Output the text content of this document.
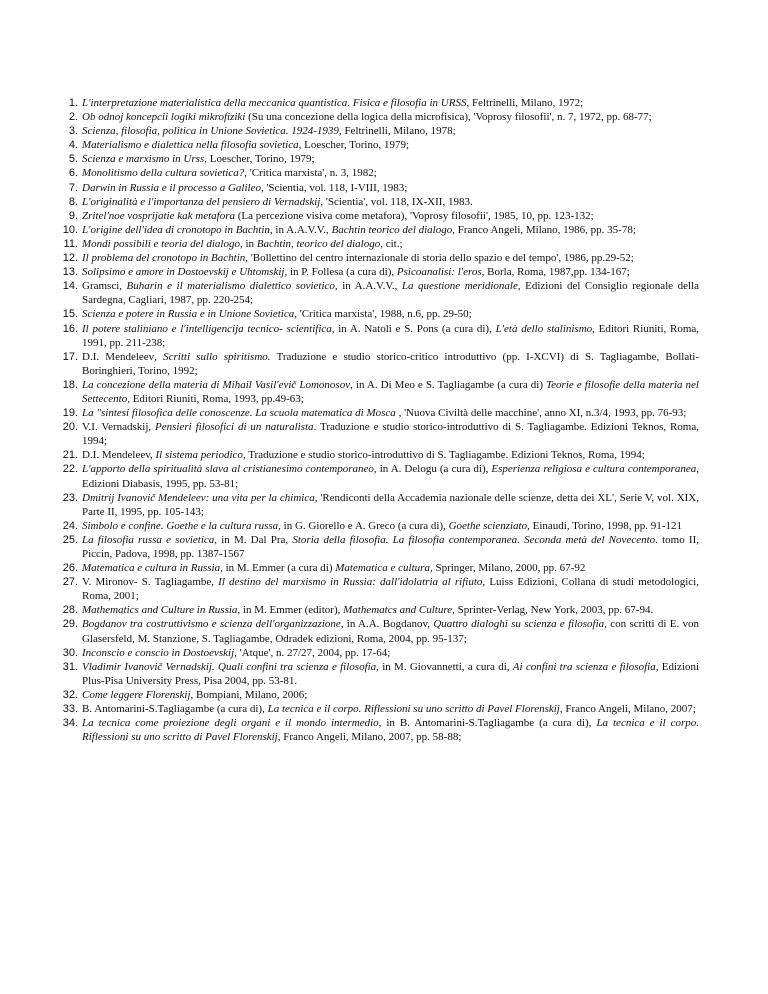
1. L'interpretazione materialistica della meccanica quantistica. Fisica e filosofia in URSS, Feltrinelli, Milano, 1972;
2. Ob odnoj koncepcii logiki mikrofiziki (Su una concezione della logica della microfisica), 'Voprosy filosofii', n. 7, 1972, pp. 68-77;
3. Scienza, filosofia, politica in Unione Sovietica. 1924-1939, Feltrinelli, Milano, 1978;
4. Materialismo e dialettica nella filosofia sovietica, Loescher, Torino, 1979;
5. Scienza e marxismo in Urss, Loescher, Torino, 1979;
6. Monolitismo della cultura sovietica?, 'Critica marxista', n. 3, 1982;
7. Darwin in Russia e il processo a Galileo, 'Scientia, vol. 118, I-VIII, 1983;
8. L'originalità e l'importanza del pensiero di Vernadskij, 'Scientia', vol. 118, IX-XII, 1983.
9. Zritel'noe vosprijatie kak metafora (La percezione visiva come metafora), 'Voprosy filosofii', 1985, 10, pp. 123-132;
10. L'origine dell'idea di cronotopo in Bachtin, in A.A.V.V., Bachtin teorico del dialogo, Franco Angeli, Milano, 1986, pp. 35-78;
11. Mondi possibili e teoria del dialogo, in Bachtin, teorico del dialogo, cit.;
12. Il problema del cronotopo in Bachtin, 'Bollettino del centro internazionale di storia dello spazio e del tempo', 1986, pp.29-52;
13. Solipsimo e amore in Dostoevskij e Uhtomskij, in P. Follesa (a cura di), Psicoanalisi: l'eros, Borla, Roma, 1987,pp. 134-167;
14. Gramsci, Buharin e il materialismo dialettico sovietico, in A.A.V.V., La questione meridionale, Edizioni del Consiglio regionale della Sardegna, Cagliari, 1987, pp. 220-254;
15. Scienza e potere in Russia e in Unione Sovietica, 'Critica marxista', 1988, n.6, pp. 29-50;
16. Il potere staliniano e l'intelligencija tecnico- scientifica, in A. Natoli e S. Pons (a cura di), L'età dello stalinismo, Editori Riuniti, Roma, 1991, pp. 211-238;
17. D.I. Mendeleev, Scritti sullo spiritismo. Traduzione e studio storico-critico introduttivo (pp. I-XCVI) di S. Tagliagambe, Bollati-Boringhieri, Torino, 1992;
18. La concezione della materia di Mihail Vasil'evič Lomonosov, in A. Di Meo e S. Tagliagambe (a cura di) Teorie e filosofie della materia nel Settecento, Editori Riuniti, Roma, 1993, pp.49-63;
19. La "sintesi filosofica delle conoscenze. La scuola matematica di Mosca , 'Nuova Civiltà delle macchine', anno XI, n.3/4, 1993, pp. 76-93;
20. V.I. Vernadskij, Pensieri filosofici di un naturalista. Traduzione e studio storico-introduttivo di S. Tagliagambe. Edizioni Teknos, Roma, 1994;
21. D.I. Mendeleev, Il sistema periodico, Traduzione e studio storico-introduttivo di S. Tagliagambe. Edizioni Teknos, Roma, 1994;
22. L'apporto della spiritualità slava al cristianesimo contemporaneo, in A. Delogu (a cura di), Esperienza religiosa e cultura contemporanea, Edizioni Diabasis, 1995, pp. 53-81;
23. Dmitrij Ivanovič Mendeleev: una vita per la chimica, 'Rendiconti della Accademia nazionale delle scienze, detta dei XL', Serie V, vol. XIX, Parte II, 1995, pp. 105-143;
24. Simbolo e confine. Goethe e la cultura russa, in G. Giorello e A. Greco (a cura di), Goethe scienziato, Einaudi, Torino, 1998, pp. 91-121
25. La filosofia russa e sovietica, in M. Dal Pra, Storia della filosofia. La filosofia contemporanea. Seconda metà del Novecento. tomo II, Piccin, Padova, 1998, pp. 1387-1567
26. Matematica e cultura in Russia, in M. Emmer (a cura di) Matematica e cultura, Springer, Milano, 2000, pp. 67-92
27. V. Mironov- S. Tagliagambe, Il destino del marxismo in Russia: dall'idolatria al rifiuto, Luiss Edizioni, Collana di studi metodologici, Roma, 2001;
28. Mathematics and Culture in Russia, in M. Emmer (editor), Mathematcs and Culture, Sprinter-Verlag, New York, 2003, pp. 67-94.
29. Bogdanov tra costruttivismo e scienza dell'organizzazione, in A.A. Bogdanov, Quattro dialoghi su scienza e filosofia, con scritti di E. von Glasersfeld, M. Stanzione, S. Tagliagambe, Odradek edizioni, Roma, 2004, pp. 95-137;
30. Inconscio e conscio in Dostoevskij, 'Atque', n. 27/27, 2004, pp. 17-64;
31. Vladimir Ivanovič Vernadskij. Quali confini tra scienza e filosofia, in M. Giovannetti, a cura di, Ai confini tra scienza e filosofia, Edizioni Plus-Pisa University Press, Pisa 2004, pp. 53-81.
32. Come leggere Florenskij, Bompiani, Milano, 2006;
33. B. Antomarini-S.Tagliagambe (a cura di), La tecnica e il corpo. Riflessioni su uno scritto di Pavel Florenskij, Franco Angeli, Milano, 2007;
34. La tecnica come proiezione degli organi e il mondo intermedio, in B. Antomarini-S.Tagliagambe (a cura di), La tecnica e il corpo. Riflessioni su uno scritto di Pavel Florenskij, Franco Angeli, Milano, 2007, pp. 58-88;
